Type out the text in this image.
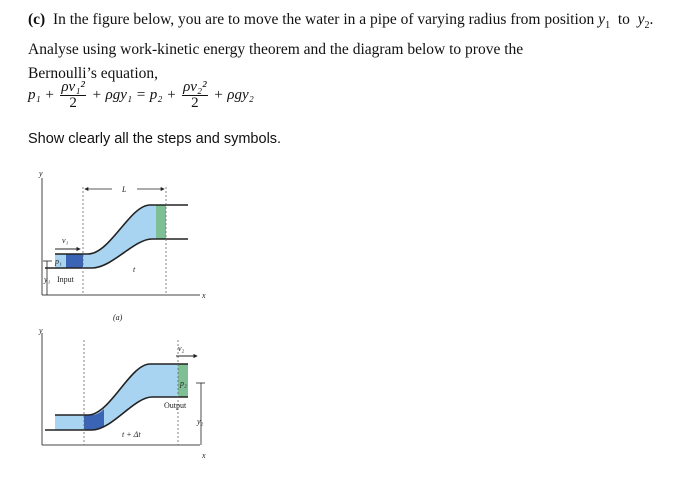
(c) In the figure below, you are to move the water in a pipe of varying radius from position $y_1$ to $y_2$. Analyse using work-kinetic energy theorem and the diagram below to prove the
Bernoulli’s equation,
$p_1 + \frac{\text{ρv₁²}}{2} + \rho gy_1 = p_2 + \frac{\text{ρv₂²}}{2} + \rho gy_2$
Show clearly all the steps and symbols.
y
x
L
v₁
p₁
y₁ Input
t
(a)
y
x
v₂
p₂
Output
y₂
t + Δt
